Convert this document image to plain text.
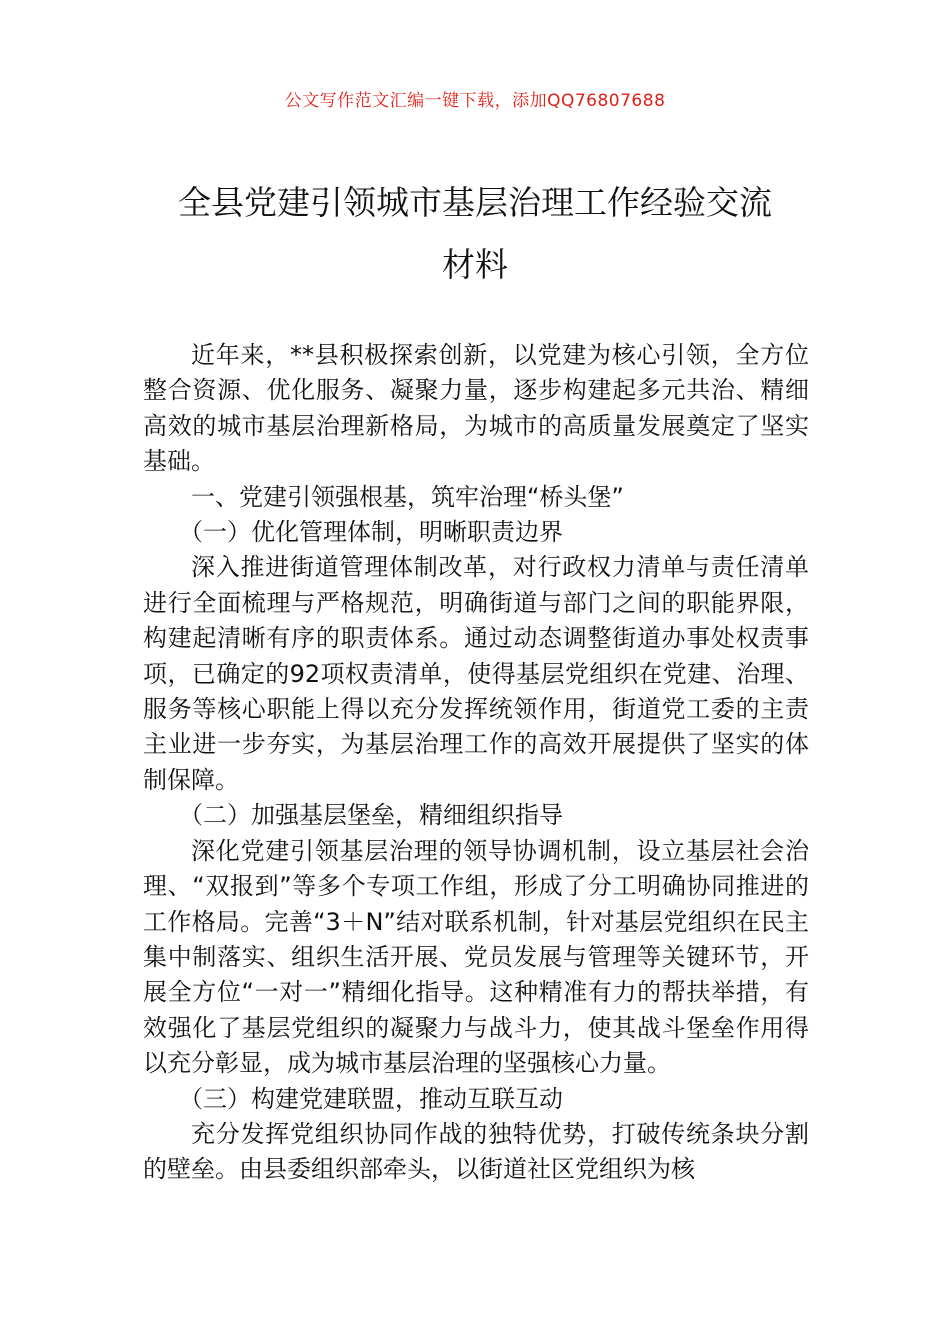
公文写作范文汇编一键下载，添加QQ76807688
全县党建引领城市基层治理工作经验交流
材料

近年来，**县积极探索创新，以党建为核心引领，全方位整合资源、优化服务、凝聚力量，逐步构建起多元共治、精细高效的城市基层治理新格局，为城市的高质量发展奠定了坚实基础。

一、党建引领强根基，筑牢治理“桥头堡”

（一）优化管理体制，明晰职责边界

深入推进街道管理体制改革，对行政权力清单与责任清单进行全面梳理与严格规范，明确街道与部门之间的职能界限，构建起清晰有序的职责体系。通过动态调整街道办事处权责事项，已确定的92项权责清单，使得基层党组织在党建、治理、服务等核心职能上得以充分发挥统领作用，街道党工委的主责主业进一步夯实，为基层治理工作的高效开展提供了坚实的体制保障。

（二）加强基层堡垒，精细组织指导

深化党建引领基层治理的领导协调机制，设立基层社会治理、“双报到”等多个专项工作组，形成了分工明确协同推进的工作格局。完善“3＋N”结对联系机制，针对基层党组织在民主集中制落实、组织生活开展、党员发展与管理等关键环节，开展全方位“一对一”精细化指导。这种精准有力的帮扶举措，有效强化了基层党组织的凝聚力与战斗力，使其战斗堡垒作用得以充分彰显，成为城市基层治理的坚强核心力量。

（三）构建党建联盟，推动互联互动

充分发挥党组织协同作战的独特优势，打破传统条块分割的壁垒。由县委组织部牵头，以街道社区党组织为核
